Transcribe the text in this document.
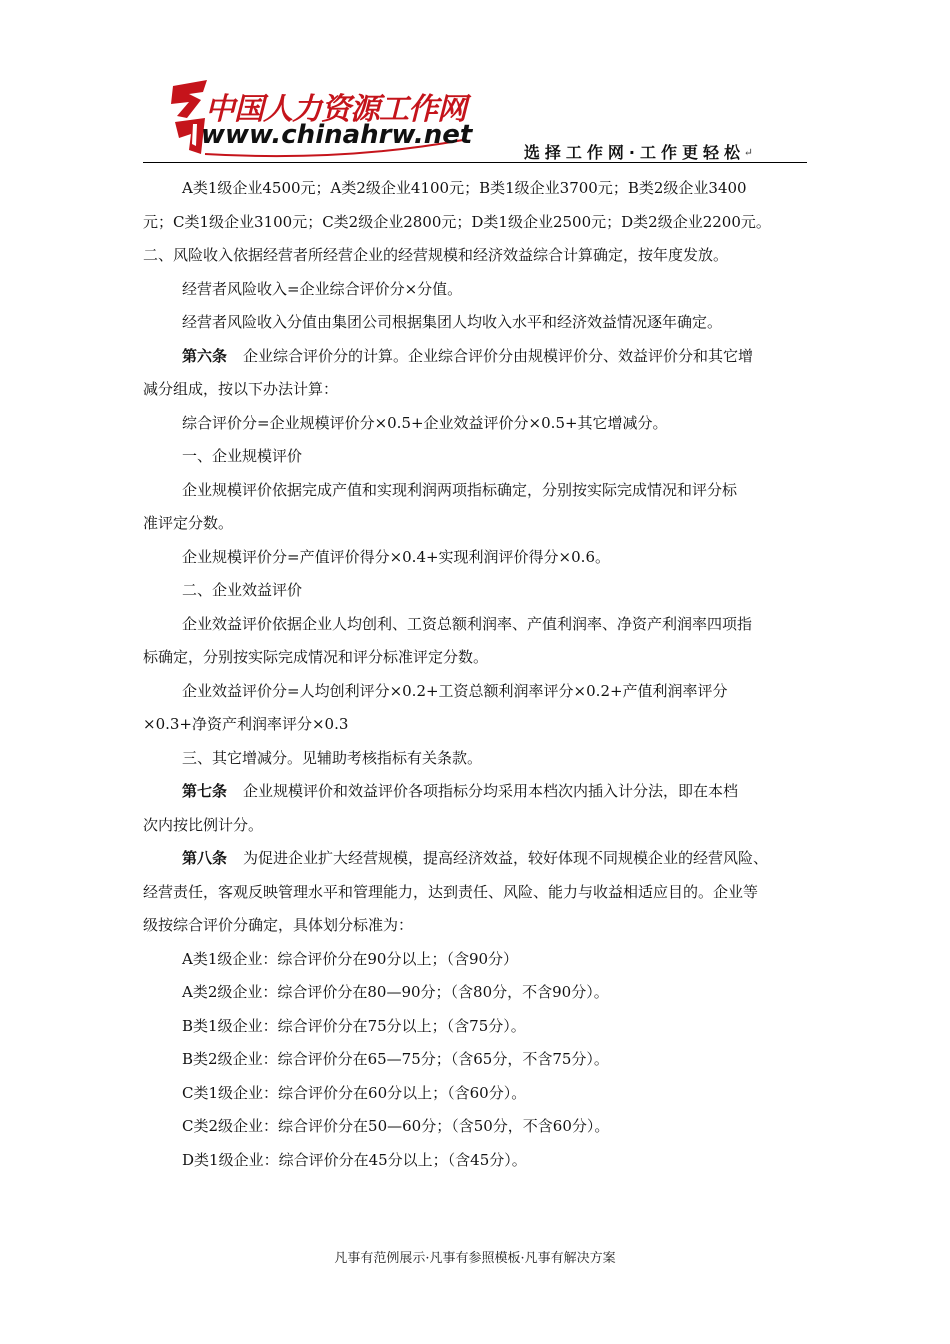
中国人力资源工作网
www.chinahrw.net
选择工作网·工作更轻松
↵

A类1级企业4500元；A类2级企业4100元；B类1级企业3700元；B类2级企业3400

元；C类1级企业3100元；C类2级企业2800元；D类1级企业2500元；D类2级企业2200元。

二、风险收入依据经营者所经营企业的经营规模和经济效益综合计算确定，按年度发放。

经营者风险收入=企业综合评价分×分值。

经营者风险收入分值由集团公司根据集团人均收入水平和经济效益情况逐年确定。

第六条 企业综合评价分的计算。企业综合评价分由规模评价分、效益评价分和其它增

减分组成，按以下办法计算：

综合评价分=企业规模评价分×0.5+企业效益评价分×0.5+其它增减分。

一、企业规模评价

企业规模评价依据完成产值和实现利润两项指标确定，分别按实际完成情况和评分标

准评定分数。

企业规模评价分=产值评价得分×0.4+实现利润评价得分×0.6。

二、企业效益评价

企业效益评价依据企业人均创利、工资总额利润率、产值利润率、净资产利润率四项指

标确定，分别按实际完成情况和评分标准评定分数。

企业效益评价分=人均创利评分×0.2+工资总额利润率评分×0.2+产值利润率评分

×0.3+净资产利润率评分×0.3

三、其它增减分。见辅助考核指标有关条款。

第七条 企业规模评价和效益评价各项指标分均采用本档次内插入计分法，即在本档

次内按比例计分。

第八条 为促进企业扩大经营规模，提高经济效益，较好体现不同规模企业的经营风险、

经营责任，客观反映管理水平和管理能力，达到责任、风险、能力与收益相适应目的。企业等

级按综合评价分确定，具体划分标准为：

A类1级企业：综合评价分在90分以上；（含90分）

A类2级企业：综合评价分在80—90分；（含80分，不含90分）。

B类1级企业：综合评价分在75分以上；（含75分）。

B类2级企业：综合评价分在65—75分；（含65分，不含75分）。

C类1级企业：综合评价分在60分以上；（含60分）。

C类2级企业：综合评价分在50—60分；（含50分，不含60分）。

D类1级企业：综合评价分在45分以上；（含45分）。

凡事有范例展示·凡事有参照模板·凡事有解决方案
